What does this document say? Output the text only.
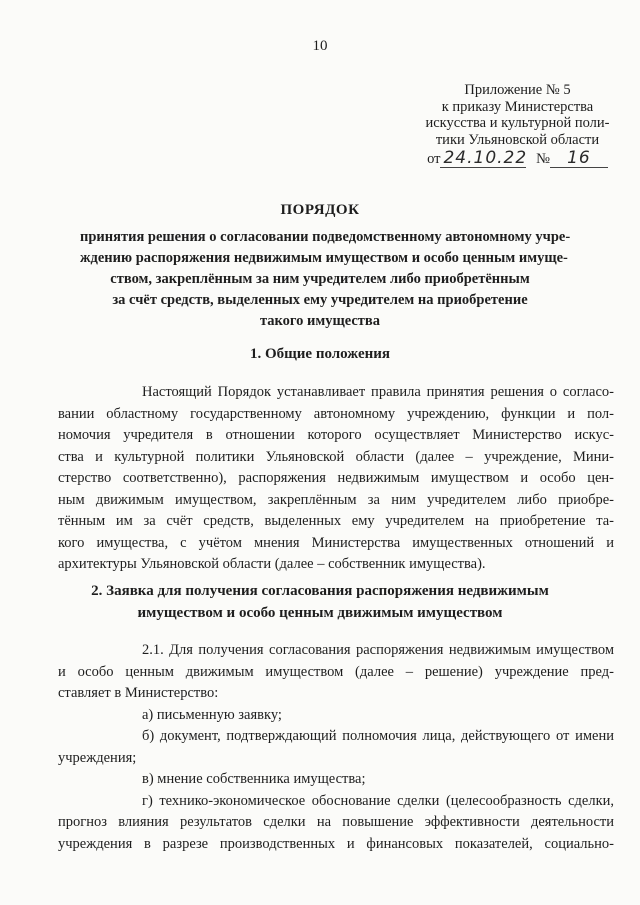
10
Приложение № 5
к приказу Министерства
искусства и культурной поли-
тики Ульяновской области
от 24.10.22 № 16
ПОРЯДОК
принятия решения о согласовании подведомственному автономному учре-
ждению распоряжения недвижимым имуществом и особо ценным имуще-
ством, закреплённым за ним учредителем либо приобретённым
за счёт средств, выделенных ему учредителем на приобретение
такого имущества
1. Общие положения
Настоящий Порядок устанавливает правила принятия решения о согласо-
вании областному государственному автономному учреждению, функции и пол-
номочия учредителя в отношении которого осуществляет Министерство искус-
ства и культурной политики Ульяновской области (далее – учреждение, Мини-
стерство соответственно), распоряжения недвижимым имуществом и особо цен-
ным движимым имуществом, закреплённым за ним учредителем либо приобре-
тённым им за счёт средств, выделенных ему учредителем на приобретение та-
кого имущества, с учётом мнения Министерства имущественных отношений и
архитектуры Ульяновской области (далее – собственник имущества).
2. Заявка для получения согласования распоряжения недвижимым
имуществом и особо ценным движимым имуществом
2.1. Для получения согласования распоряжения недвижимым имуществом
и особо ценным движимым имуществом (далее – решение) учреждение пред-
ставляет в Министерство:
а) письменную заявку;
б) документ, подтверждающий полномочия лица, действующего от имени
учреждения;
в) мнение собственника имущества;
г) технико-экономическое обоснование сделки (целесообразность сделки,
прогноз влияния результатов сделки на повышение эффективности деятельности
учреждения в разрезе производственных и финансовых показателей, социально-
